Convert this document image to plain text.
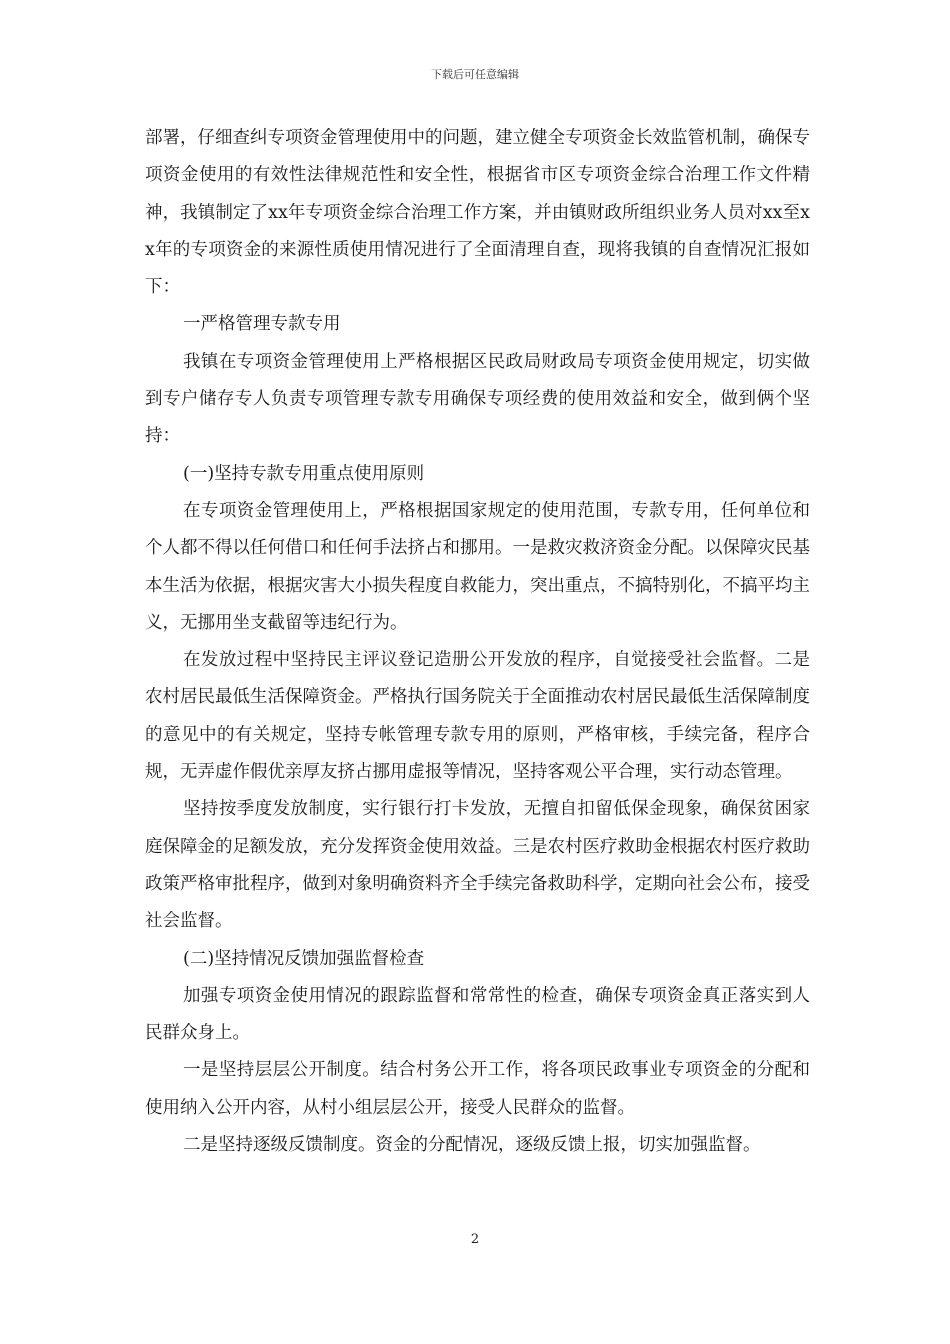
下载后可任意编辑

部署，仔细查纠专项资金管理使用中的问题，建立健全专项资金长效监管机制，确保专项资金使用的有效性法律规范性和安全性，根据省市区专项资金综合治理工作文件精神，我镇制定了xx年专项资金综合治理工作方案，并由镇财政所组织业务人员对xx至xx年的专项资金的来源性质使用情况进行了全面清理自查，现将我镇的自查情况汇报如下：

一严格管理专款专用

我镇在专项资金管理使用上严格根据区民政局财政局专项资金使用规定，切实做到专户储存专人负责专项管理专款专用确保专项经费的使用效益和安全，做到俩个坚持：

(一)坚持专款专用重点使用原则

在专项资金管理使用上，严格根据国家规定的使用范围，专款专用，任何单位和个人都不得以任何借口和任何手法挤占和挪用。一是救灾救济资金分配。以保障灾民基本生活为依据，根据灾害大小损失程度自救能力，突出重点，不搞特别化，不搞平均主义，无挪用坐支截留等违纪行为。

在发放过程中坚持民主评议登记造册公开发放的程序，自觉接受社会监督。二是农村居民最低生活保障资金。严格执行国务院关于全面推动农村居民最低生活保障制度的意见中的有关规定，坚持专帐管理专款专用的原则，严格审核，手续完备，程序合规，无弄虚作假优亲厚友挤占挪用虚报等情况，坚持客观公平合理，实行动态管理。

坚持按季度发放制度，实行银行打卡发放，无擅自扣留低保金现象，确保贫困家庭保障金的足额发放，充分发挥资金使用效益。三是农村医疗救助金根据农村医疗救助政策严格审批程序，做到对象明确资料齐全手续完备救助科学，定期向社会公布，接受社会监督。

(二)坚持情况反馈加强监督检查

加强专项资金使用情况的跟踪监督和常常性的检查，确保专项资金真正落实到人民群众身上。

一是坚持层层公开制度。结合村务公开工作，将各项民政事业专项资金的分配和使用纳入公开内容，从村小组层层公开，接受人民群众的监督。

二是坚持逐级反馈制度。资金的分配情况，逐级反馈上报，切实加强监督。

2
